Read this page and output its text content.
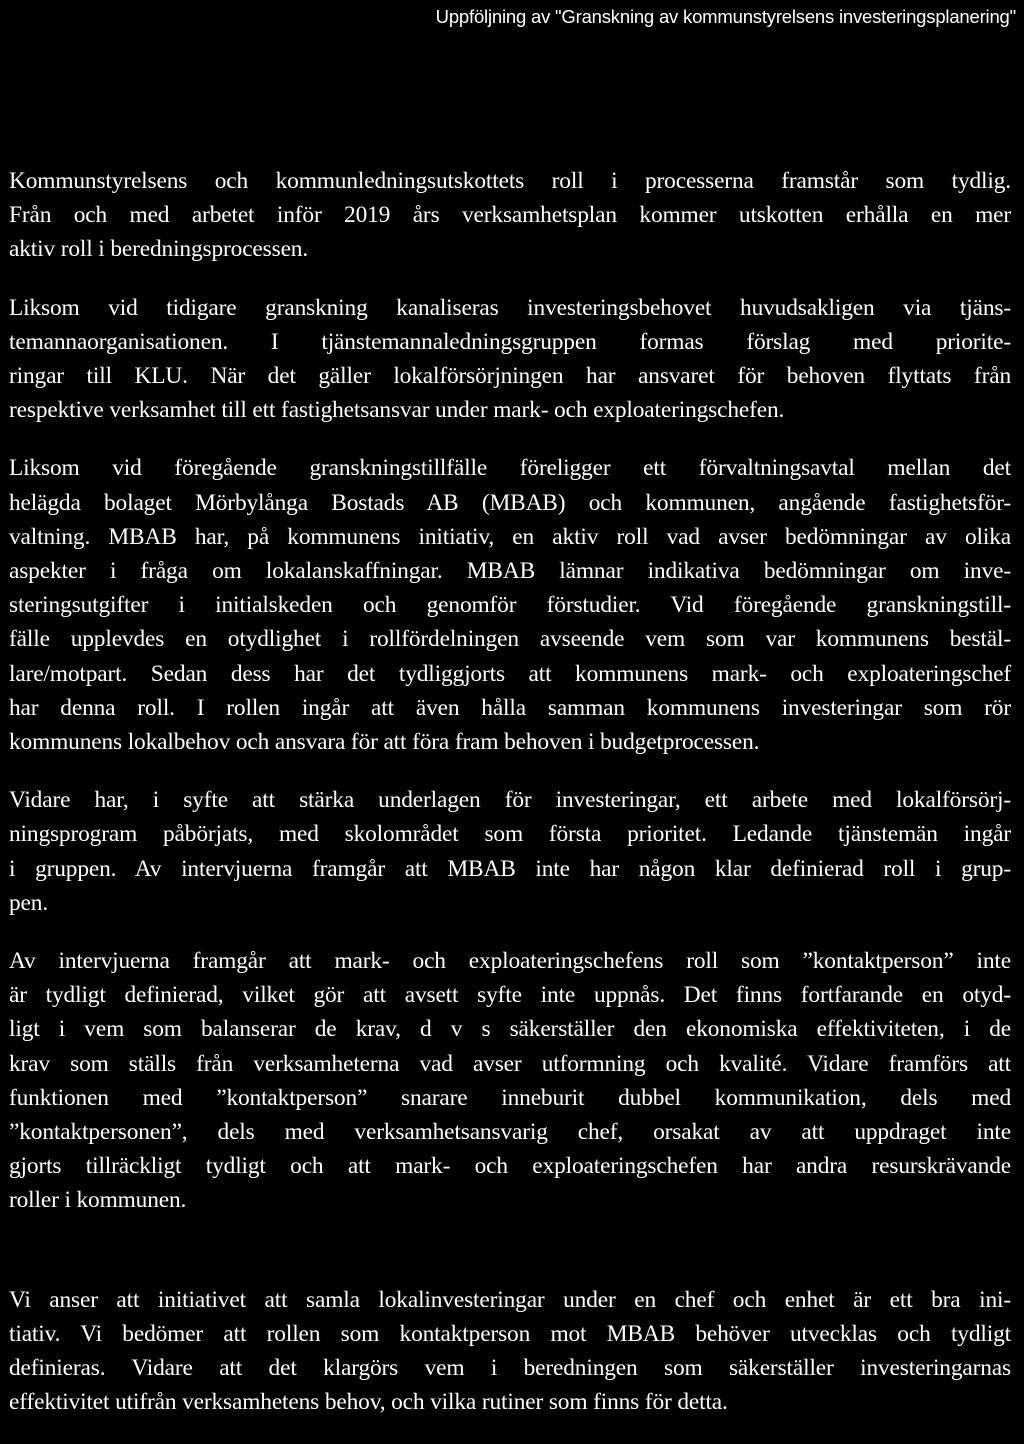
Uppföljning av "Granskning av kommunstyrelsens investeringsplanering"

Kommunstyrelsens och kommunledningsutskottets roll i processerna framstår som tydlig.
Från och med arbetet inför 2019 års verksamhetsplan kommer utskotten erhålla en mer
aktiv roll i beredningsprocessen.

Liksom vid tidigare granskning kanaliseras investeringsbehovet huvudsakligen via tjäns-
temannaorganisationen. I tjänstemannaledningsgruppen formas förslag med priorite-
ringar till KLU. När det gäller lokalförsörjningen har ansvaret för behoven flyttats från
respektive verksamhet till ett fastighetsansvar under mark- och exploateringschefen.

Liksom vid föregående granskningstillfälle föreligger ett förvaltningsavtal mellan det
helägda bolaget Mörbylånga Bostads AB (MBAB) och kommunen, angående fastighetsför-
valtning. MBAB har, på kommunens initiativ, en aktiv roll vad avser bedömningar av olika
aspekter i fråga om lokalanskaffningar. MBAB lämnar indikativa bedömningar om inve-
steringsutgifter i initialskeden och genomför förstudier. Vid föregående granskningstill-
fälle upplevdes en otydlighet i rollfördelningen avseende vem som var kommunens bestäl-
lare/motpart. Sedan dess har det tydliggjorts att kommunens mark- och exploateringschef
har denna roll. I rollen ingår att även hålla samman kommunens investeringar som rör
kommunens lokalbehov och ansvara för att föra fram behoven i budgetprocessen.

Vidare har, i syfte att stärka underlagen för investeringar, ett arbete med lokalförsörj-
ningsprogram påbörjats, med skolområdet som första prioritet. Ledande tjänstemän ingår
i gruppen. Av intervjuerna framgår att MBAB inte har någon klar definierad roll i grup-
pen.

Av intervjuerna framgår att mark- och exploateringschefens roll som ”kontaktperson” inte
är tydligt definierad, vilket gör att avsett syfte inte uppnås. Det finns fortfarande en otyd-
ligt i vem som balanserar de krav, d v s säkerställer den ekonomiska effektiviteten, i de
krav som ställs från verksamheterna vad avser utformning och kvalité. Vidare framförs att
funktionen med ”kontaktperson” snarare inneburit dubbel kommunikation, dels med
”kontaktpersonen”, dels med verksamhetsansvarig chef, orsakat av att uppdraget inte
gjorts tillräckligt tydligt och att mark- och exploateringschefen har andra resurskrävande
roller i kommunen.

Vi anser att initiativet att samla lokalinvesteringar under en chef och enhet är ett bra ini-
tiativ. Vi bedömer att rollen som kontaktperson mot MBAB behöver utvecklas och tydligt
definieras. Vidare att det klargörs vem i beredningen som säkerställer investeringarnas
effektivitet utifrån verksamhetens behov, och vilka rutiner som finns för detta.
